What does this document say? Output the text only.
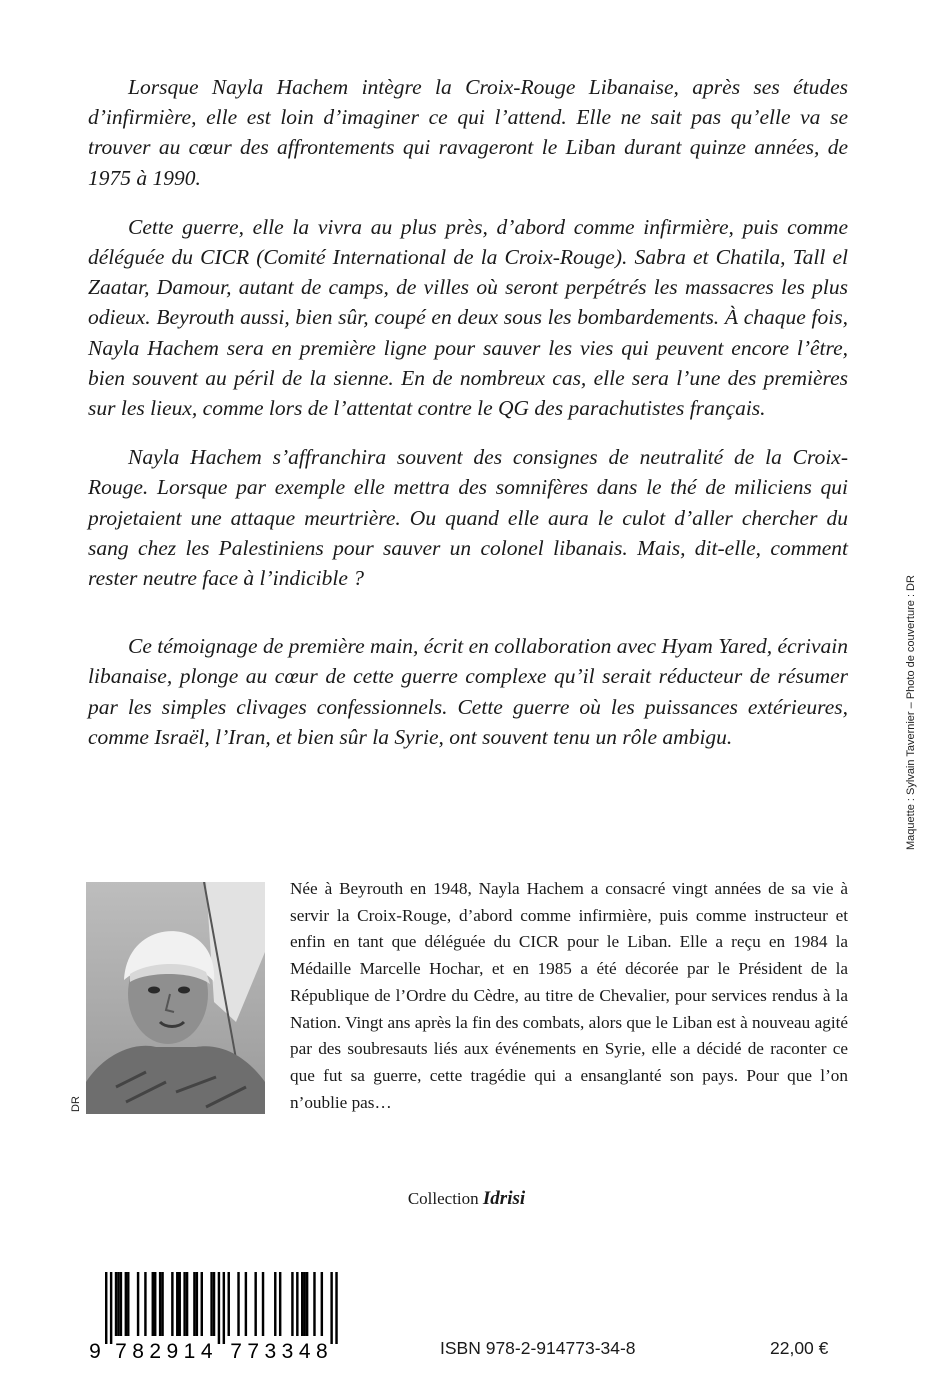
Lorsque Nayla Hachem intègre la Croix-Rouge Libanaise, après ses études d’infirmière, elle est loin d’imaginer ce qui l’attend. Elle ne sait pas qu’elle va se trouver au cœur des affrontements qui ravageront le Liban durant quinze années, de 1975 à 1990.

Cette guerre, elle la vivra au plus près, d’abord comme infirmière, puis comme déléguée du CICR (Comité International de la Croix-Rouge). Sabra et Chatila, Tall el Zaatar, Damour, autant de camps, de villes où seront perpétrés les massacres les plus odieux. Beyrouth aussi, bien sûr, coupé en deux sous les bombardements. À chaque fois, Nayla Hachem sera en première ligne pour sauver les vies qui peuvent encore l’être, bien souvent au péril de la sienne. En de nombreux cas, elle sera l’une des premières sur les lieux, comme lors de l’attentat contre le QG des parachutistes français.

Nayla Hachem s’affranchira souvent des consignes de neutralité de la Croix-Rouge. Lorsque par exemple elle mettra des somnifères dans le thé de miliciens qui projetaient une attaque meurtrière. Ou quand elle aura le culot d’aller chercher du sang chez les Palestiniens pour sauver un colonel libanais. Mais, dit-elle, comment rester neutre face à l’indicible ?

Ce témoignage de première main, écrit en collaboration avec Hyam Yared, écrivain libanaise, plonge au cœur de cette guerre complexe qu’il serait réducteur de résumer par les simples clivages confessionnels. Cette guerre où les puissances extérieures, comme Israël, l’Iran, et bien sûr la Syrie, ont souvent tenu un rôle ambigu.	Maquette : Sylvain Tavernier – Photo de couverture : DR
DR

Née à Beyrouth en 1948, Nayla Hachem a consacré vingt années de sa vie à servir la Croix-Rouge, d’abord comme infirmière, puis comme instructeur et enfin en tant que déléguée du CICR pour le Liban. Elle a reçu en 1984 la Médaille Marcelle Hochar, et en 1985 a été décorée par le Président de la République de l’Ordre du Cèdre, au titre de Chevalier, pour services rendus à la Nation. Vingt ans après la fin des combats, alors que le Liban est à nouveau agité par des soubresauts liés aux événements en Syrie, elle a décidé de raconter ce que fut sa guerre, cette tragédie qui a ensanglanté son pays. Pour que l’on n’oublie pas…

Collection Idrisi
9 7 8 2 9 1 4 7 7 3 3 4 8	ISBN 978-2-914773-34-8	22,00 €
